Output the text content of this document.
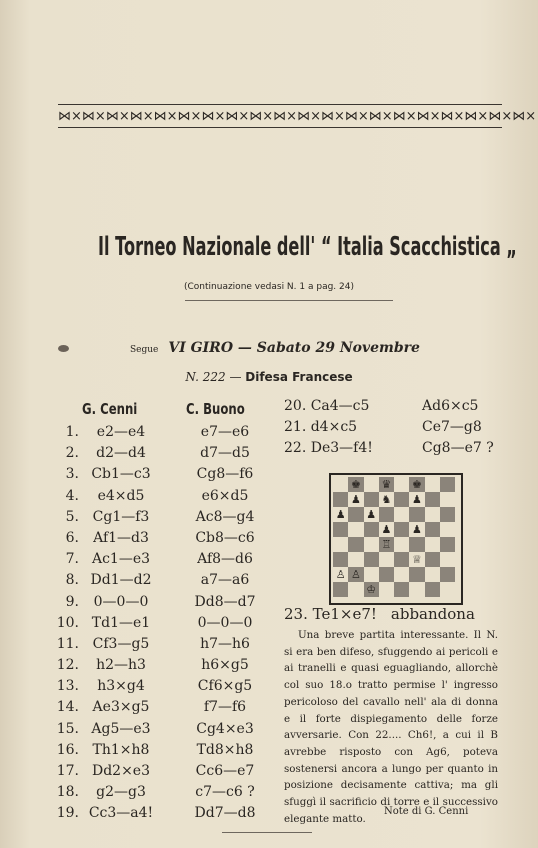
⋈× ⋈× ⋈× ⋈× ⋈× ⋈× ⋈× ⋈× ⋈× ⋈× ⋈× ⋈× ⋈× ⋈× ⋈× ⋈× ⋈× ⋈× ⋈× ⋈×
Il Torneo Nazionale dell' “ Italia Scacchistica „
(Continuazione vedasi N. 1 a pag. 24)
Segue VI GIRO — Sabato 29 Novembre
N. 222 — Difesa Francese
G. Cenni	C. Buono
1.	e2—e4	e7—e6
2.	d2—d4	d7—d5
3. Cb1—c3	Cg8—f6
4.	e4×d5	e6×d5
5. Cg1—f3	Ac8—g4
6.	Af1—d3	Cb8—c6
7. Ac1—e3	Af8—d6
8. Dd1—d2	a7—a6
9.	0—0—0	Dd8—d7
10. Td1—e1	0—0—0
11. Cf3—g5	h7—h6
12.	h2—h3	h6×g5
13.	h3×g4	Cf6×g5
14. Ae3×g5	f7—f6
15. Ag5—e3	Cg4×e3
16. Th1×h8	Td8×h8
17. Dd2×e3	Cc6—e7
18.	g2—g3	c7—c6 ?
19. Cc3—a4!	Dd7—d8
20. Ca4—c5	Ad6×c5
21. d4×c5	Ce7—g8
22. De3—f4!	Cg8—e7 ?
	♚		♛		♚		
	♟		♞		♟		
♟		♟					
			♟		♟		
			♖				
					♕		
♙	♙						
		♔					
23. Te1×e7! abbandona
Una breve partita interessante. Il N. si era ben difeso, sfuggendo ai pericoli e ai tranelli e quasi eguagliando, allorchè col suo 18.o tratto permise l' ingresso pericoloso del cavallo nell' ala di donna e il forte dispiegamento delle forze avversarie. Con 22.... Ch6!, a cui il B avrebbe risposto con Ag6, poteva sostenersi ancora a lungo per quanto in posizione decisamente cattiva; ma gli sfuggì il sacrificio di torre e il successivo elegante matto.
Note di G. Cenni
